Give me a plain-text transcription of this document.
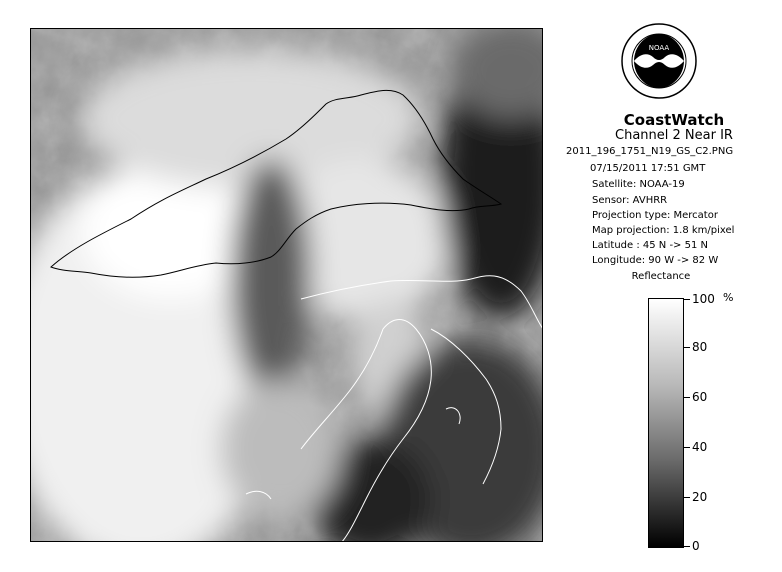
NOAA
CoastWatch
Channel 2 Near IR
2011_196_1751_N19_GS_C2.PNG
07/15/2011 17:51 GMT
Satellite: NOAA-19
Sensor: AVHRR
Projection type: Mercator
Map projection: 1.8 km/pixel
Latitude : 45 N -> 51 N
Longitude: 90 W -> 82 W
Reflectance
%
100
80
60
40
20
0
